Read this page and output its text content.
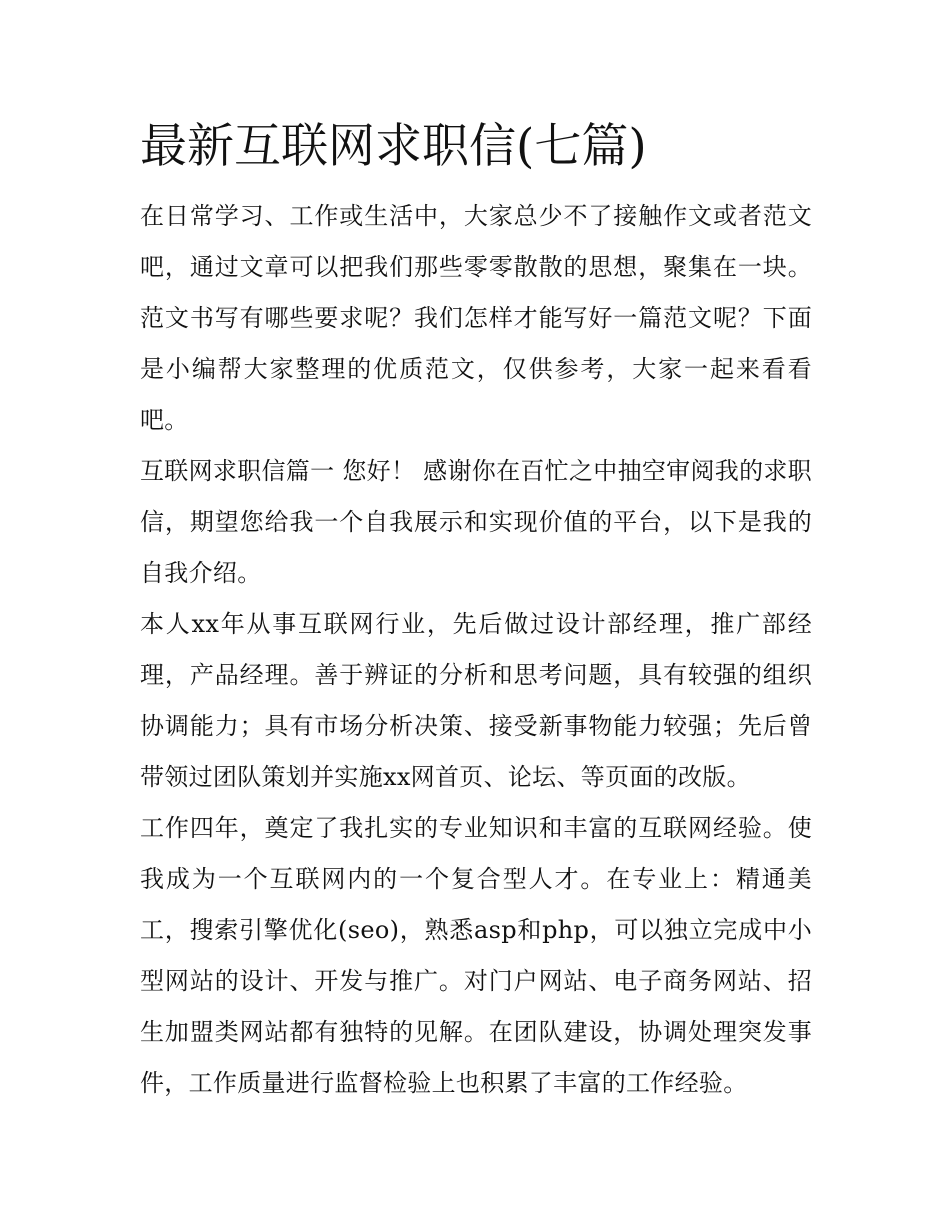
最新互联网求职信(七篇)

在日常学习、工作或生活中，大家总少不了接触作文或者范文吧，通过文章可以把我们那些零零散散的思想，聚集在一块。范文书写有哪些要求呢？我们怎样才能写好一篇范文呢？下面是小编帮大家整理的优质范文，仅供参考，大家一起来看看吧。

互联网求职信篇一 您好！ 感谢你在百忙之中抽空审阅我的求职信，期望您给我一个自我展示和实现价值的平台，以下是我的自我介绍。

本人xx年从事互联网行业，先后做过设计部经理，推广部经理，产品经理。善于辨证的分析和思考问题，具有较强的组织协调能力；具有市场分析决策、接受新事物能力较强；先后曾带领过团队策划并实施xx网首页、论坛、等页面的改版。

工作四年，奠定了我扎实的专业知识和丰富的互联网经验。使我成为一个互联网内的一个复合型人才。在专业上：精通美工，搜索引擎优化(seo)，熟悉asp和php，可以独立完成中小型网站的设计、开发与推广。对门户网站、电子商务网站、招生加盟类网站都有独特的见解。在团队建设，协调处理突发事件，工作质量进行监督检验上也积累了丰富的工作经验。
